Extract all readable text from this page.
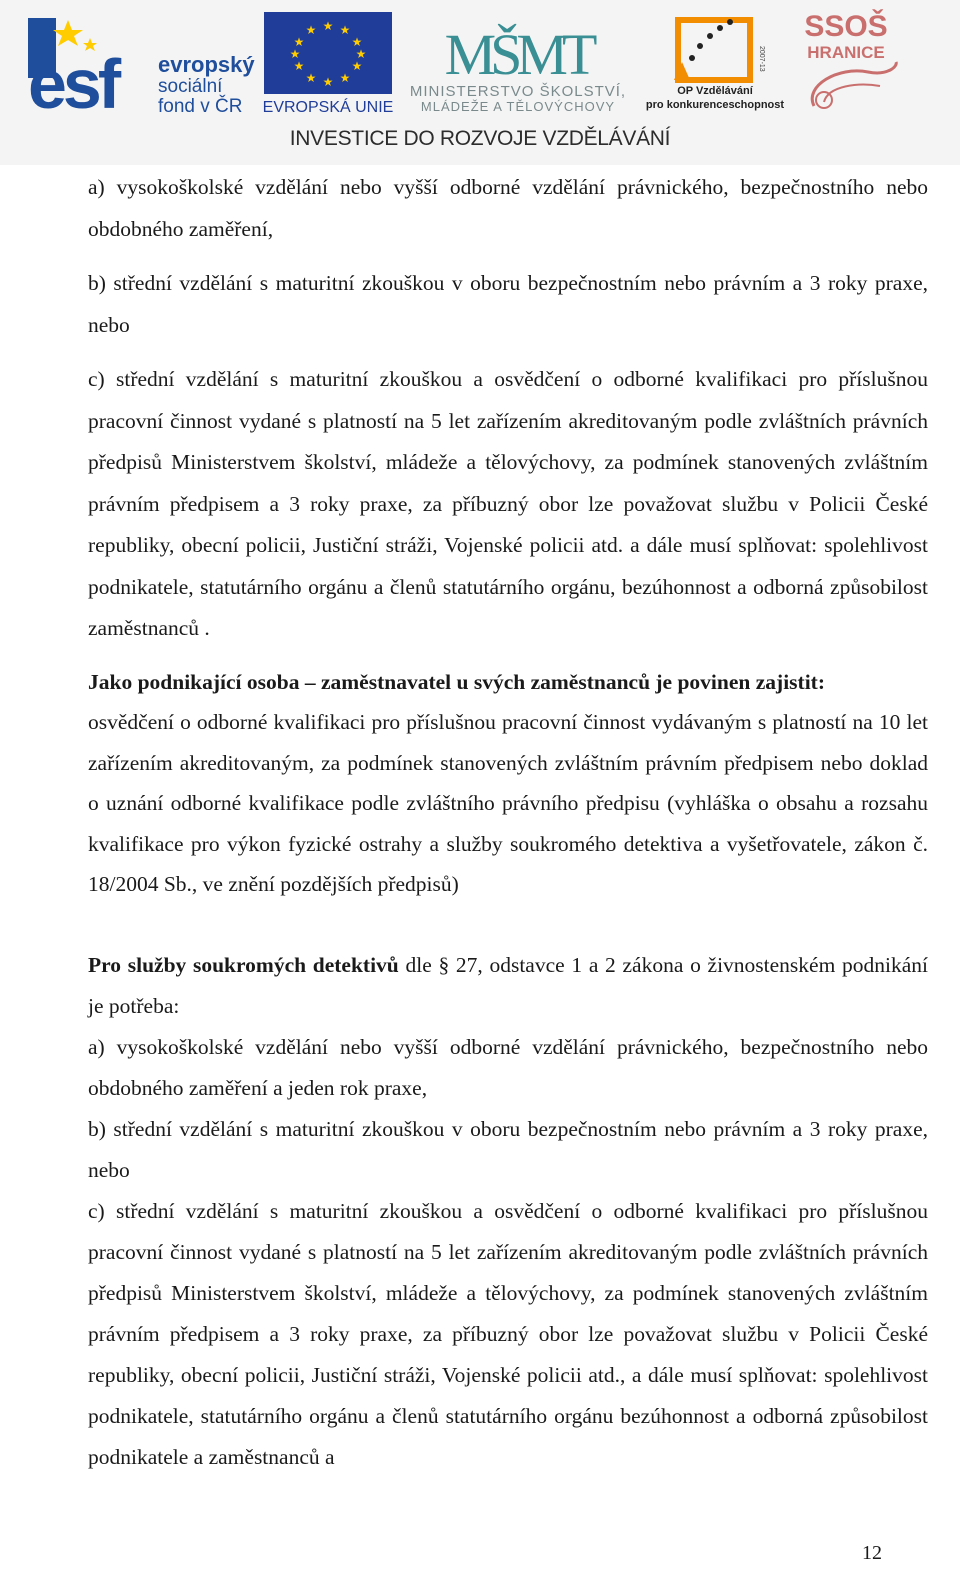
esf evropský
sociální
fond v ČR
★ ★
★
★
★
★
★
★
★
★
★
★
EVROPSKÁ UNIE
MŠMT
MINISTERSTVO ŠKOLSTVÍ,
MLÁDEŽE A TĚLOVÝCHOVY
2007-13
OP Vzdělávání
pro konkurenceschopnost
SSOŠ
HRANICE
INVESTICE DO ROZVOJE VZDĚLÁVÁNÍ

a) vysokoškolské vzdělání nebo vyšší odborné vzdělání právnického, bezpečnostního nebo obdobného zaměření,

b) střední vzdělání s maturitní zkouškou v oboru bezpečnostním nebo právním a 3 roky praxe, nebo

c) střední vzdělání s maturitní zkouškou a osvědčení o odborné kvalifikaci pro příslušnou pracovní činnost vydané s platností na 5 let zařízením akreditovaným podle zvláštních právních předpisů Ministerstvem školství, mládeže a tělovýchovy, za podmínek stanovených zvláštním právním předpisem a 3 roky praxe, za příbuzný obor lze považovat službu v Policii České republiky, obecní policii, Justiční stráži, Vojenské policii atd. a dále musí splňovat: spolehlivost podnikatele, statutárního orgánu a členů statutárního orgánu, bezúhonnost a odborná způsobilost zaměstnanců .

Jako podnikající osoba – zaměstnavatel u svých zaměstnanců je povinen zajistit:
osvědčení o odborné kvalifikaci pro příslušnou pracovní činnost vydávaným s platností na 10 let zařízením akreditovaným, za podmínek stanovených zvláštním právním předpisem nebo doklad o uznání odborné kvalifikace podle zvláštního právního předpisu (vyhláška o obsahu a rozsahu kvalifikace pro výkon fyzické ostrahy a služby soukromého detektiva a vyšetřovatele, zákon č. 18/2004 Sb., ve znění pozdějších předpisů)

Pro služby soukromých detektivů dle § 27, odstavce 1 a 2 zákona o živnostenském podnikání je potřeba:

a) vysokoškolské vzdělání nebo vyšší odborné vzdělání právnického, bezpečnostního nebo obdobného zaměření a jeden rok praxe,

b) střední vzdělání s maturitní zkouškou v oboru bezpečnostním nebo právním a 3 roky praxe, nebo

c) střední vzdělání s maturitní zkouškou a osvědčení o odborné kvalifikaci pro příslušnou pracovní činnost vydané s platností na 5 let zařízením akreditovaným podle zvláštních právních předpisů Ministerstvem školství, mládeže a tělovýchovy, za podmínek stanovených zvláštním právním předpisem a 3 roky praxe, za příbuzný obor lze považovat službu v Policii České republiky, obecní policii, Justiční stráži, Vojenské policii atd., a dále musí splňovat: spolehlivost podnikatele, statutárního orgánu a členů statutárního orgánu bezúhonnost a odborná způsobilost podnikatele a zaměstnanců a

12
